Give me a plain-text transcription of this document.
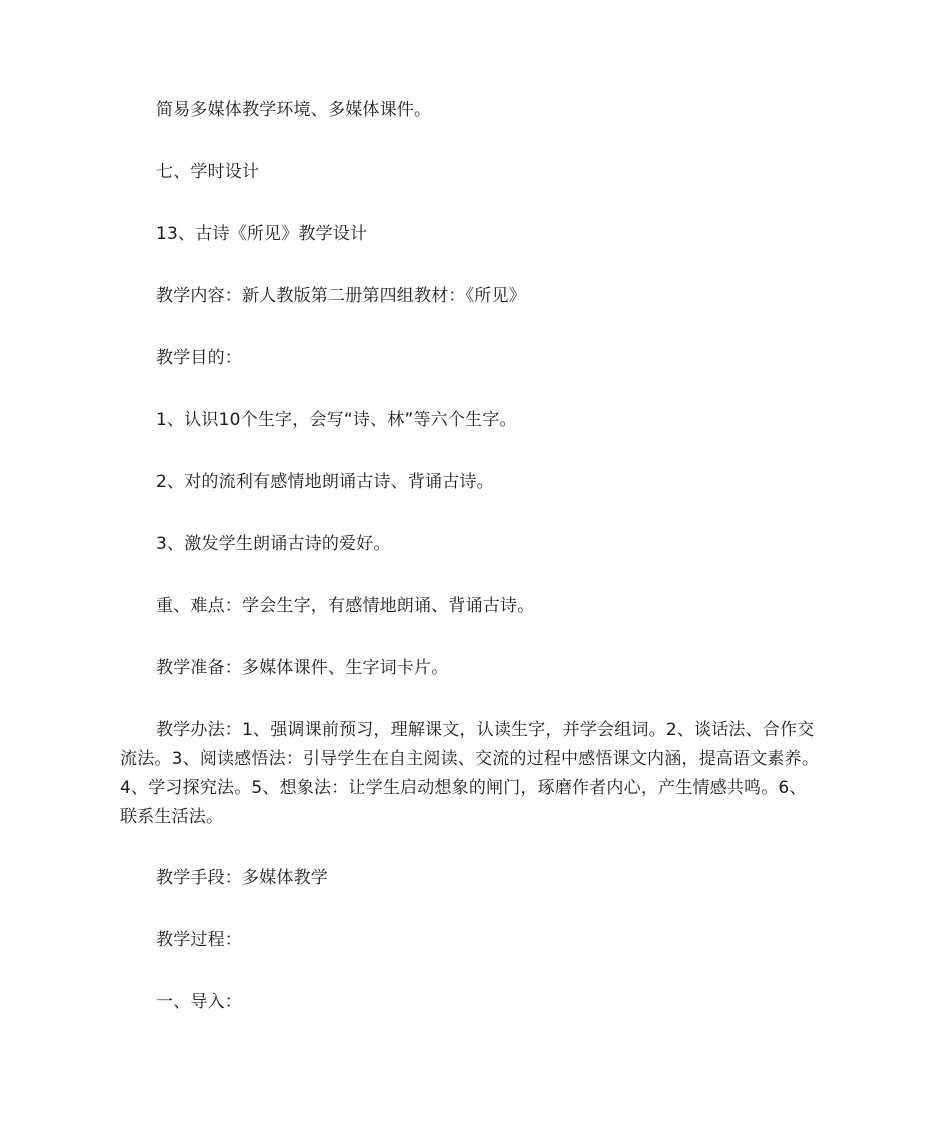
简易多媒体教学环境、多媒体课件。

七、学时设计

13、古诗《所见》教学设计

教学内容：新人教版第二册第四组教材：《所见》

教学目的：

1、认识10个生字，会写“诗、林”等六个生字。

2、对的流利有感情地朗诵古诗、背诵古诗。

3、激发学生朗诵古诗的爱好。

重、难点：学会生字，有感情地朗诵、背诵古诗。

教学准备：多媒体课件、生字词卡片。

教学办法：1、强调课前预习，理解课文，认读生字，并学会组词。2、谈话法、合作交流法。3、阅读感悟法：引导学生在自主阅读、交流的过程中感悟课文内涵，提高语文素养。4、学习探究法。5、想象法：让学生启动想象的闸门，琢磨作者内心，产生情感共鸣。6、联系生活法。

教学手段：多媒体教学

教学过程：

一、导入：
